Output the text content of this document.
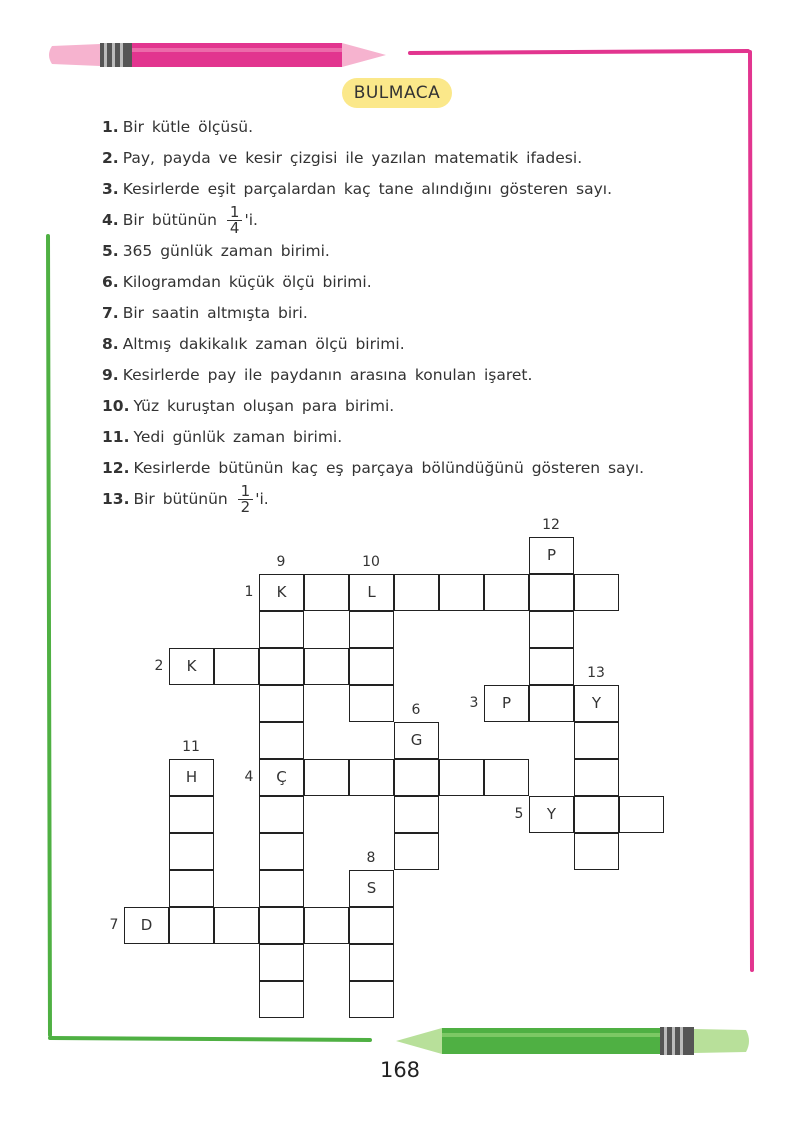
BULMACA
1. Bir kütle ölçüsü.
2. Pay, payda ve kesir çizgisi ile yazılan matematik ifadesi.
3. Kesirlerde eşit parçalardan kaç tane alındığını gösteren sayı.
4. Bir bütünün $\frac{1}{4}$ 'i.
5. 365 günlük zaman birimi.
6. Kilogramdan küçük ölçü birimi.
7. Bir saatin altmışta biri.
8. Altmış dakikalık zaman ölçü birimi.
9. Kesirlerde pay ile paydanın arasına konulan işaret.
10. Yüz kuruştan oluşan para birimi.
11. Yedi günlük zaman birimi.
12. Kesirlerde bütünün kaç eş parçaya bölündüğünü gösteren sayı.
13. Bir bütünün $\frac{1}{2}$ 'i.
K	L
K
P	Y
Ç
Y
G
D
S
H
P
1
2
3
4
5
6
7
8
9	10
11
12
13
168
